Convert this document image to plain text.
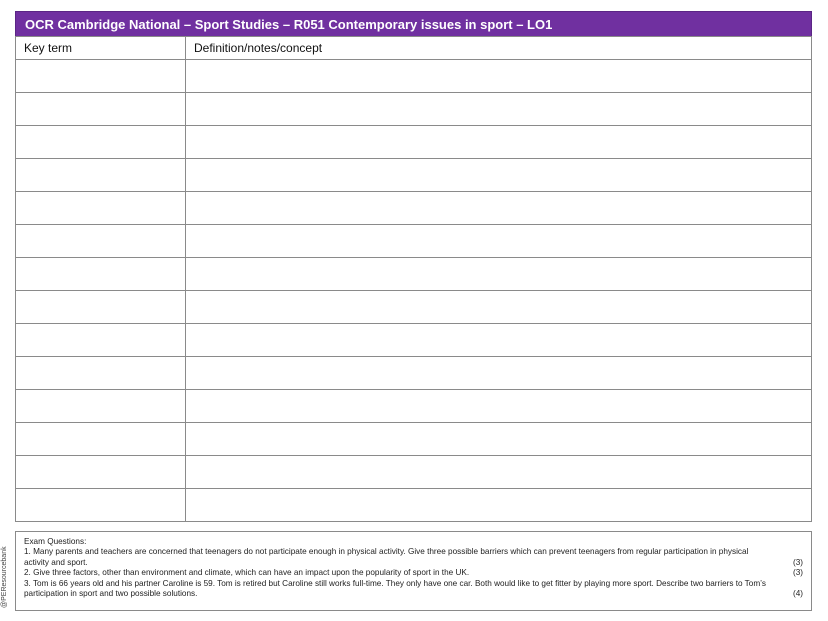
OCR Cambridge National – Sport Studies – R051 Contemporary issues in sport – LO1
Key term	Definition/notes/concept

Exam Questions:
1. Many parents and teachers are concerned that teenagers do not participate enough in physical activity. Give three possible barriers which can prevent teenagers from regular participation in physical activity and sport.	(3)
2. Give three factors, other than environment and climate, which can have an impact upon the popularity of sport in the UK.	(3)
3. Tom is 66 years old and his partner Caroline is 59. Tom is retired but Caroline still works full-time. They only have one car. Both would like to get fitter by playing more sport. Describe two barriers to Tom’s participation in sport and two possible solutions.	(4)
@PEResourcebank
